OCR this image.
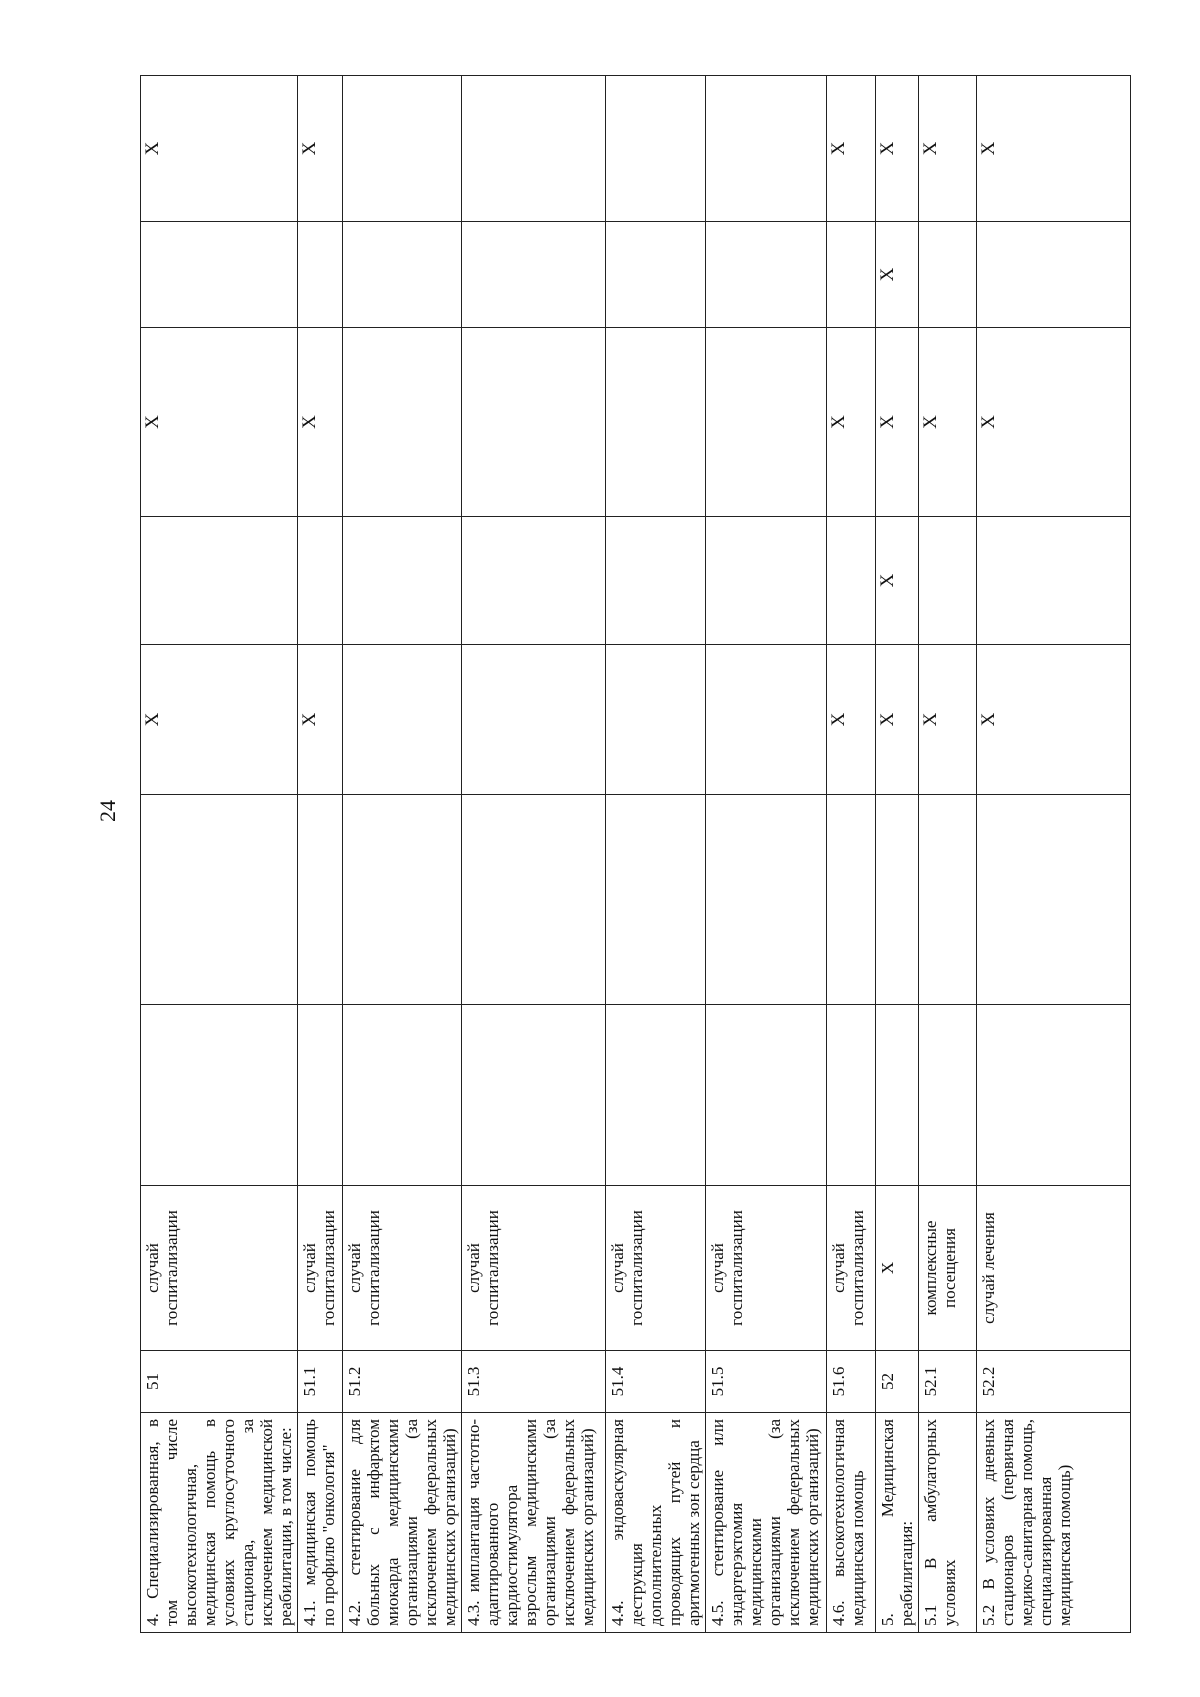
24
4. Специализированная, в том числе высокотехнологичная, медицинская помощь в условиях круглосуточного стационара, за исключением медицинской реабилитации, в том числе:	51	случай госпитализации			X		X		X
4.1. медицинская помощь по профилю "онкология"	51.1	случай госпитализации			X		X		X
4.2. стентирование для больных с инфарктом миокарда медицинскими организациями (за исключением федеральных медицинских организаций)	51.2	случай госпитализации							
4.3. имплантация частотно-адаптированного кардиостимулятора взрослым медицинскими организациями (за исключением федеральных медицинских организаций)	51.3	случай госпитализации							
4.4. эндоваскулярная деструкция дополнительных проводящих путей и аритмогенных зон сердца	51.4	случай госпитализации							
4.5. стентирование или эндартерэктомия медицинскими организациями (за исключением федеральных медицинских организаций)	51.5	случай госпитализации							
4.6. высокотехнологичная медицинская помощь	51.6	случай госпитализации			X		X		X
5. Медицинская реабилитация:	52	X			X	X	X	X	X
5.1 В амбулаторных условиях	52.1	комплексные посещения			X		X		X
5.2 В условиях дневных стационаров (первичная медико-санитарная помощь, специализированная медицинская помощь)	52.2	случай лечения			X		X		X
